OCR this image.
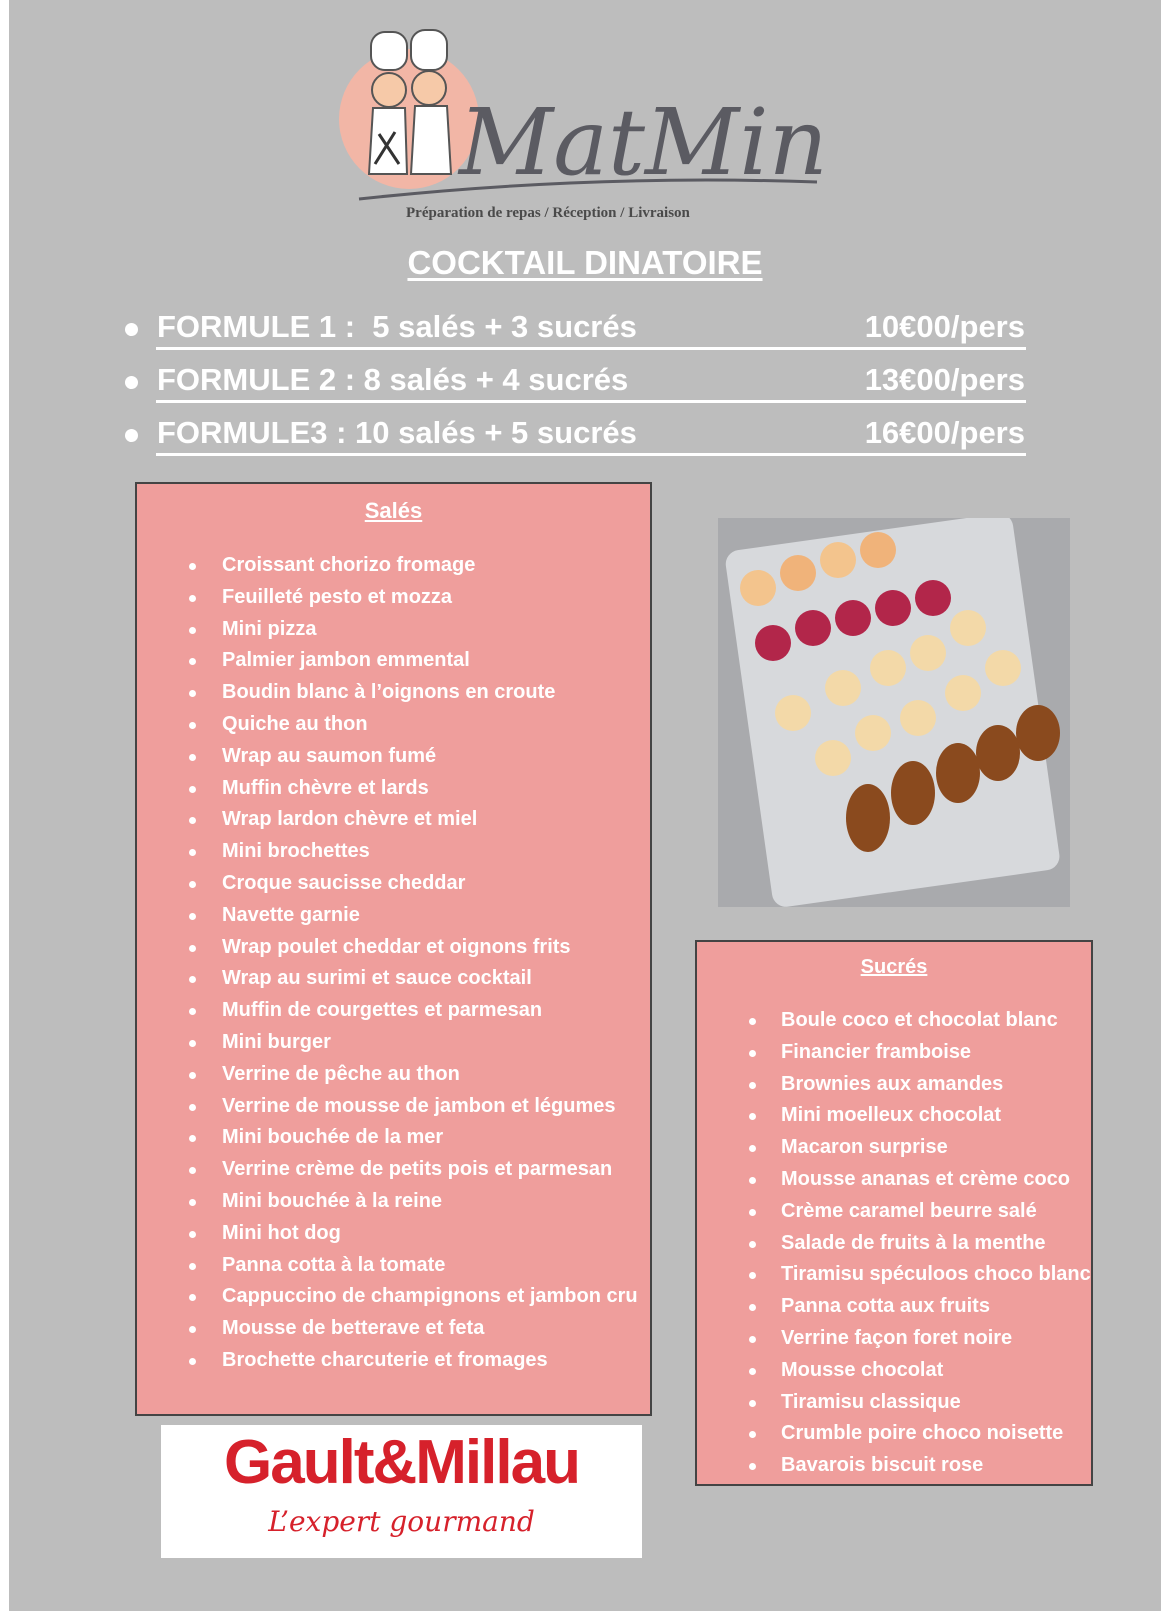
MatMin
Préparation de repas / Réception / Livraison
FORMULE 1 :  5 salés + 3 sucrés	10€00/pers
FORMULE 2 : 8 salés + 4 sucrés	13€00/pers
FORMULE3 : 10 salés + 5 sucrés	16€00/pers
Salés
Croissant chorizo fromage
Feuilleté pesto et mozza
Mini pizza
Palmier jambon emmental
Boudin blanc à l’oignons en croute
Quiche au thon
Wrap au saumon fumé
Muffin chèvre et lards
Wrap lardon chèvre et miel
Mini brochettes
Croque saucisse cheddar
Navette garnie
Wrap poulet cheddar et oignons frits
Wrap au surimi et sauce cocktail
Muffin de courgettes et parmesan
Mini burger
Verrine de pêche au thon
Verrine de mousse de jambon et légumes
Mini bouchée de la mer
Verrine crème de petits pois et parmesan
Mini bouchée à la reine
Mini hot dog
Panna cotta à la tomate
Cappuccino de champignons et jambon cru
Mousse de betterave et feta
Brochette charcuterie et fromages
Sucrés
Boule coco et chocolat blanc
Financier framboise
Brownies aux amandes
Mini moelleux chocolat
Macaron surprise
Mousse ananas et crème coco
Crème caramel beurre salé
Salade de fruits à la menthe
Tiramisu spéculoos choco blanc
Panna cotta aux fruits
Verrine façon foret noire
Mousse chocolat
Tiramisu classique
Crumble poire choco noisette
Bavarois biscuit rose
Gault&Millau
L’expert gourmand
COCKTAIL DINATOIRE
